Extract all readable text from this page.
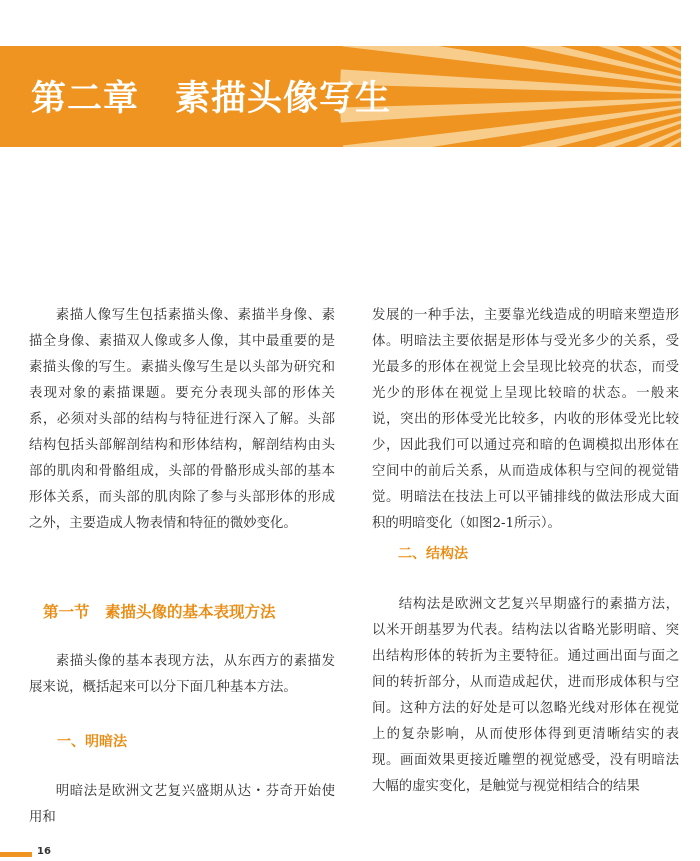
第二章　素描头像写生

素描人像写生包括素描头像、素描半身像、素描全身像、素描双人像或多人像，其中最重要的是素描头像的写生。素描头像写生是以头部为研究和表现对象的素描课题。要充分表现头部的形体关系，必须对头部的结构与特征进行深入了解。头部结构包括头部解剖结构和形体结构，解剖结构由头部的肌肉和骨骼组成，头部的骨骼形成头部的基本形体关系，而头部的肌肉除了参与头部形体的形成之外，主要造成人物表情和特征的微妙变化。

第一节　素描头像的基本表现方法

素描头像的基本表现方法，从东西方的素描发展来说，概括起来可以分下面几种基本方法。

一、明暗法

明暗法是欧洲文艺复兴盛期从达・芬奇开始使用和

发展的一种手法，主要靠光线造成的明暗来塑造形体。明暗法主要依据是形体与受光多少的关系，受光最多的形体在视觉上会呈现比较亮的状态，而受光少的形体在视觉上呈现比较暗的状态。一般来说，突出的形体受光比较多，内收的形体受光比较少，因此我们可以通过亮和暗的色调模拟出形体在空间中的前后关系，从而造成体积与空间的视觉错觉。明暗法在技法上可以平铺排线的做法形成大面积的明暗变化（如图2-1所示）。

二、结构法

结构法是欧洲文艺复兴早期盛行的素描方法，以米开朗基罗为代表。结构法以省略光影明暗、突出结构形体的转折为主要特征。通过画出面与面之间的转折部分，从而造成起伏，进而形成体积与空间。这种方法的好处是可以忽略光线对形体在视觉上的复杂影响，从而使形体得到更清晰结实的表现。画面效果更接近雕塑的视觉感受，没有明暗法大幅的虚实变化，是触觉与视觉相结合的结果

16
